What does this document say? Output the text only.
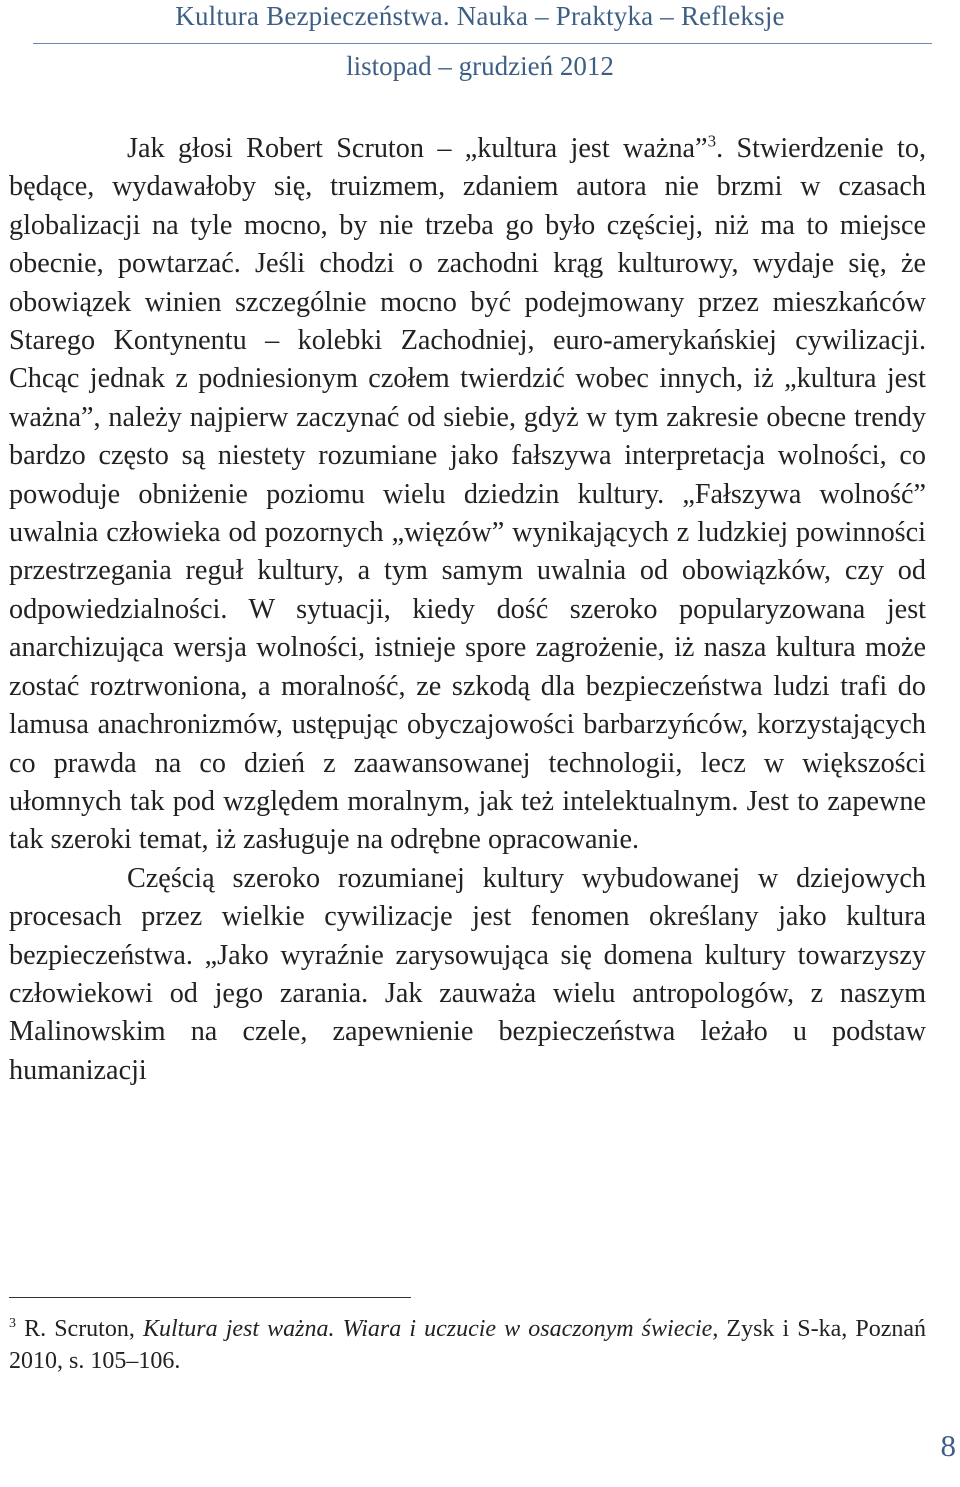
Kultura Bezpieczeństwa. Nauka – Praktyka – Refleksje
listopad – grudzień 2012

Jak głosi Robert Scruton – „kultura jest ważna”$^3$. Stwierdzenie to, będące, wydawałoby się, truizmem, zdaniem autora nie brzmi w czasach globalizacji na tyle mocno, by nie trzeba go było częściej, niż ma to miejsce obecnie, powtarzać. Jeśli chodzi o zachodni krąg kulturowy, wydaje się, że obowiązek winien szczególnie mocno być podejmowany przez mieszkańców Starego Kontynentu – kolebki Zachodniej, euro-amerykańskiej cywilizacji. Chcąc jednak z podniesionym czołem twierdzić wobec innych, iż „kultura jest ważna”, należy najpierw zaczynać od siebie, gdyż w tym zakresie obecne trendy bardzo często są niestety rozumiane jako fałszywa interpretacja wolności, co powoduje obniżenie poziomu wielu dziedzin kultury. „Fałszywa wolność” uwalnia człowieka od pozornych „więzów” wynikających z ludzkiej powinności przestrzegania reguł kultury, a tym samym uwalnia od obowiązków, czy od odpowiedzialności. W sytuacji, kiedy dość szeroko popularyzowana jest anarchizująca wersja wolności, istnieje spore zagrożenie, iż nasza kultura może zostać roztrwoniona, a moralność, ze szkodą dla bezpieczeństwa ludzi trafi do lamusa anachronizmów, ustępując obyczajowości barbarzyńców, korzystających co prawda na co dzień z zaawansowanej technologii, lecz w większości ułomnych tak pod względem moralnym, jak też intelektualnym. Jest to zapewne tak szeroki temat, iż zasługuje na odrębne opracowanie.

Częścią szeroko rozumianej kultury wybudowanej w dziejowych procesach przez wielkie cywilizacje jest fenomen określany jako kultura bezpieczeństwa. „Jako wyraźnie zarysowująca się domena kultury towarzyszy człowiekowi od jego zarania. Jak zauważa wielu antropologów, z naszym Malinowskim na czele, zapewnienie bezpieczeństwa leżało u podstaw humanizacji

$^3$ R. Scruton, Kultura jest ważna. Wiara i uczucie w osaczonym świecie, Zysk i S-ka, Poznań 2010, s. 105–106.
8
